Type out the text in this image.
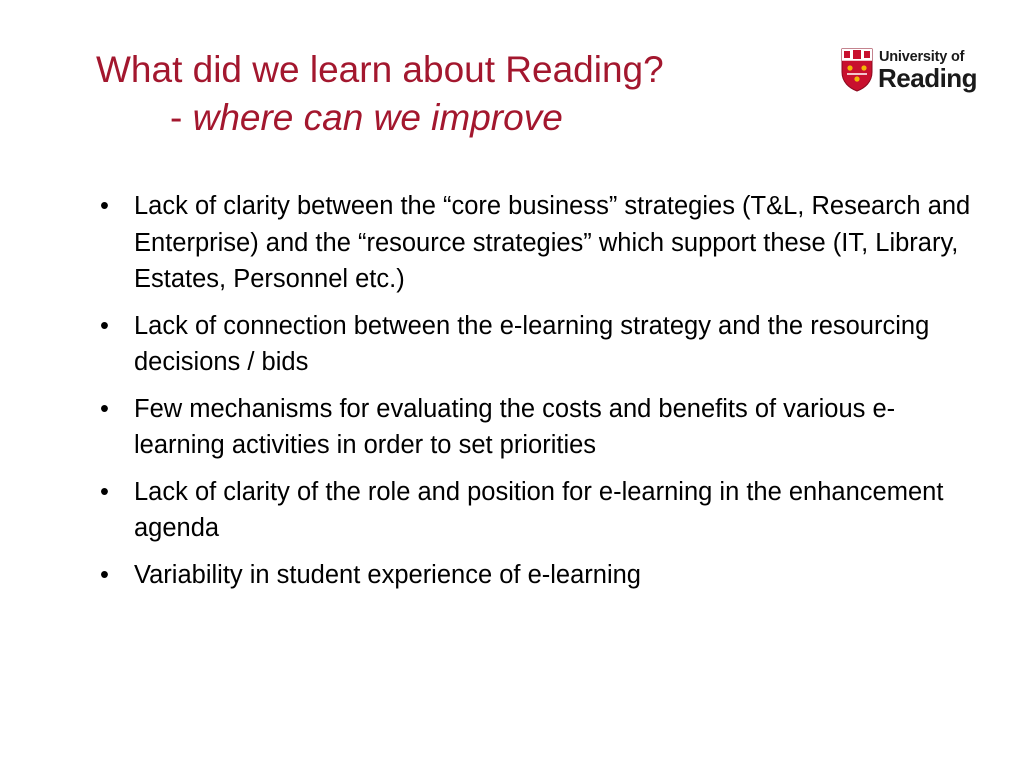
What did we learn about Reading?
- where can we improve
University of
Reading
• Lack of clarity between the “core business” strategies (T&L, Research and Enterprise) and the “resource strategies” which support these (IT, Library, Estates, Personnel etc.)
• Lack of connection between the e-learning strategy and the resourcing decisions / bids
• Few mechanisms for evaluating the costs and benefits of various e-learning activities in order to set priorities
• Lack of clarity of the role and position for e-learning in the enhancement agenda
• Variability in student experience of e-learning
